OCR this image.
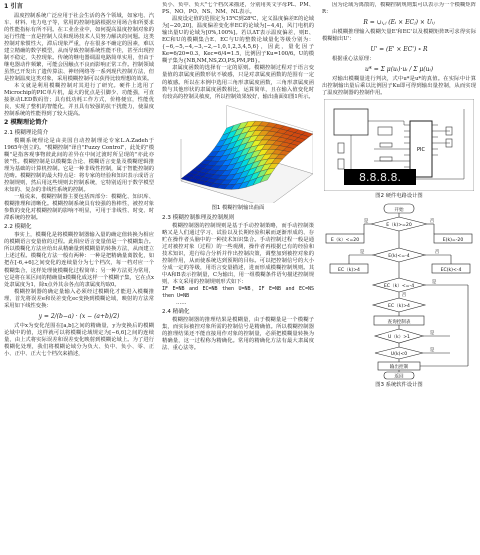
1 引言

温度控制系统广泛应用于社会生活的各个领域，如家电、汽车、材料、电力电子等，常用的控制电路根据应用场合和所要求的性能指标有所不同。在工业企业中，如何提高温度控制对象的运行性能一直是控制人员和现场技术人员努力解决的问题。这类控制对象惯性大，滞后现象严重，存在很多不确定的因素，难以建立精确的数学模型，从而导致控制系统性能不佳，甚至出现控制不稳定、失控现象。传统的继电器调温电路简单实用，但由于继电器动作频繁，可能会因触点不良而影响正常工作。控制领域虽然已开发出了遗传算法、神经网络等一系列现代控制方法，但是控制温度这类对象，采用模糊控制可以获得比较理想的效果。

本文就是利用模糊控制对其进行了研究。硬件上选用了Microchip的PIC单片机，最大的优点是引脚少、功能强，可直接驱动LED数码管；具有低功耗工作方式，价格便宜，性能优良，实现了整机的智能化，并且具有较强的抗干扰能力，使温度控制系统的性能得到了较大提高。

2 模糊理论简介
2.1 模糊理论简介

模糊系统理论是由美国自动控制理论专家L.A.Zadeh于1965年创立的。"模糊控制"译自"Fuzzy Control"，此处的"模糊"是指客观事物彼此间的差异在中间过渡时所呈现的"亦此亦彼"性。模糊控制是以模糊集合论、模糊语言变量及模糊逻辑推理为基础的计算机控制。它是一种非线性控制，属于智能控制的范畴。模糊控制的最大特点是：将专家的经验和知识表示成语言控制规则，然后用这些规则去控制系统，它特别适用于数学模型未知的、复杂的非线性系统的控制。

一般说来，模糊控制器主要包括四部分：模糊化、知识库、模糊推理和清晰化。模糊控制系统具有较强的鲁棒性，被控对象参数的变化对模糊控制的影响不明显，可用于非线性、时变、时滞系统的控制。

2.2 模糊化

事实上，模糊化是将模糊控制器输入量的确定值转换为相应的模糊语言变量值的过程。此相应语言变量值是一个模糊集合。所以模糊化方法应给出从精确量到模糊量的转换方法，从而建立上述过程。模糊化方法一般有两种：一种是把精确量离散化，如把在[-6,+6]之间变化的连续量分为七个档次，每一档对应一个模糊集合，这样处理使模糊化过程简单；另一种方法更为常用，它是将在某区间的精确量x模糊化成这样一个模糊子集，它在点x处隶属度为1，除x点外其余各点的隶属度均取0。

模糊控制器的确定量输入必须经过模糊化才能进入模糊推理，首先将误差e和误差变化ec变换到模糊论域，映射的方法常采用如下线性变换：

y = 2/(b−a) · (x − (a+b)/2)

式中x为变化范围在[a,b]之间的精确量，y为变换后的模糊论域中的值，这样就可以将模糊论域规定为[−6,6]之间的连续量，由上式将实际误差和误差变化映射到模糊论域上。为了进行模糊化处理，我们将模糊论域分为负大、负中、负小、零、正小、正中、正大七个档次来描述，

负小、负中、负大"七个档次来描述，分别用英文字母PL、PM、PS、NO、PO、NS、NM、NL表示。

温度设定值的范围定为15℃到28℃，定义温度偏差E的论域为[−20,20]，温度偏差变化率EC的论域为[−4,4]，风门电机的输出量U的论域为[0%,100%]。若以ΔT表示温度偏差，则E、EC和U的模糊集合E、EC与U的整数论域量化等级分别为：{−6,−5,−4,−3,−2,−1,0,1,2,3,4,5,6}，因此，量化因子Ke=6/20=0.3，Kec=6/4=1.5，比例因子Ku=100/6。U的模糊子集为{NB,NM,NS,ZO,PS,PM,PB}。

隶属度函数的选择有一定的原则。模糊控制过程对于语言变量值的隶属度函数形状不敏感，只是对隶属度函数的范围有一定的敏感。所以在本例中选用三角形隶属度函数，三角形隶属度函数与其他形状的隶属度函数相比，运算简单，且在输入值变化时有较高的控制灵敏度，所以控制效果较好，输出曲面如图1所示。

图1 模糊控制输出曲面
2.3 模糊控制推理及控制规则

模糊控制器的控制规则是基于手动控制策略，而手动控制策略又是人们通过学习、试验以及长期经验积累而逐渐形成的、存贮在操作者头脑中的一种技术知识集合。手动控制过程一般是通过对被控对象（过程）的一些观测，操作者再根据已有的经验和技术知识，进行综合分析并作出控制决策，调整加到被控对象的控制作用，从而使系统达到预期的目标。可以把控制信号的大小分成一定的等级，用语言变量描述，进而形成模糊控制规则。其中A和B表示控制量，C为输出，用一组模糊条件语句描述控制规则，本文采用的控制规则形式如下：

IF E=NB and EC=NB then U=NB，IF E=NB and EC=NS then U=NB

……

2.4 精确化

模糊控制器的推理结果是模糊量，由于模糊量是一个模糊子集，而实际被控对象所需的控制信号是精确值。所以模糊控制器的推理结果还不能直接用作对象的控制量，必须把模糊量转换为精确量，这一过程称为精确化。常用的精确化方法有最大隶属度法、重心法等。

因为论域为离散的，模糊控制规则集可以表示为一个模糊矩阵R：

R = ∪ᵢ,ⱼ (Eᵢ × ECⱼ) × Uᵢⱼ

由模糊推理输入模糊矢量E'和EC'以及模糊矩阵R可求得实际模糊输出U'：

U' = (E' × EC') ∘ R

根据重心法原理：

u* = Σ μ(uᵢ)·uᵢ / Σ μ(uᵢ)

对输出模糊量进行判决，式中u*是u*的真值。在实际中计算出控制输出量后乘以比例因子Ku即可得到输出量控制，从而实现了温度控制器的控制作用。

PIC
8.8.8.8.
图2 硬件电路设计图
开始
E（k)>=20
E（k）<=20	E(k)=-20
E(k)<=-4
EC（k)>4	EC(k)<-4
EC（k）<=-4
EC（k)>4
查询控制表
U（k）>1
U(k)<0
输出控制
返回
是	否
是	否
是
否
是
是
图3 系统软件设计图
